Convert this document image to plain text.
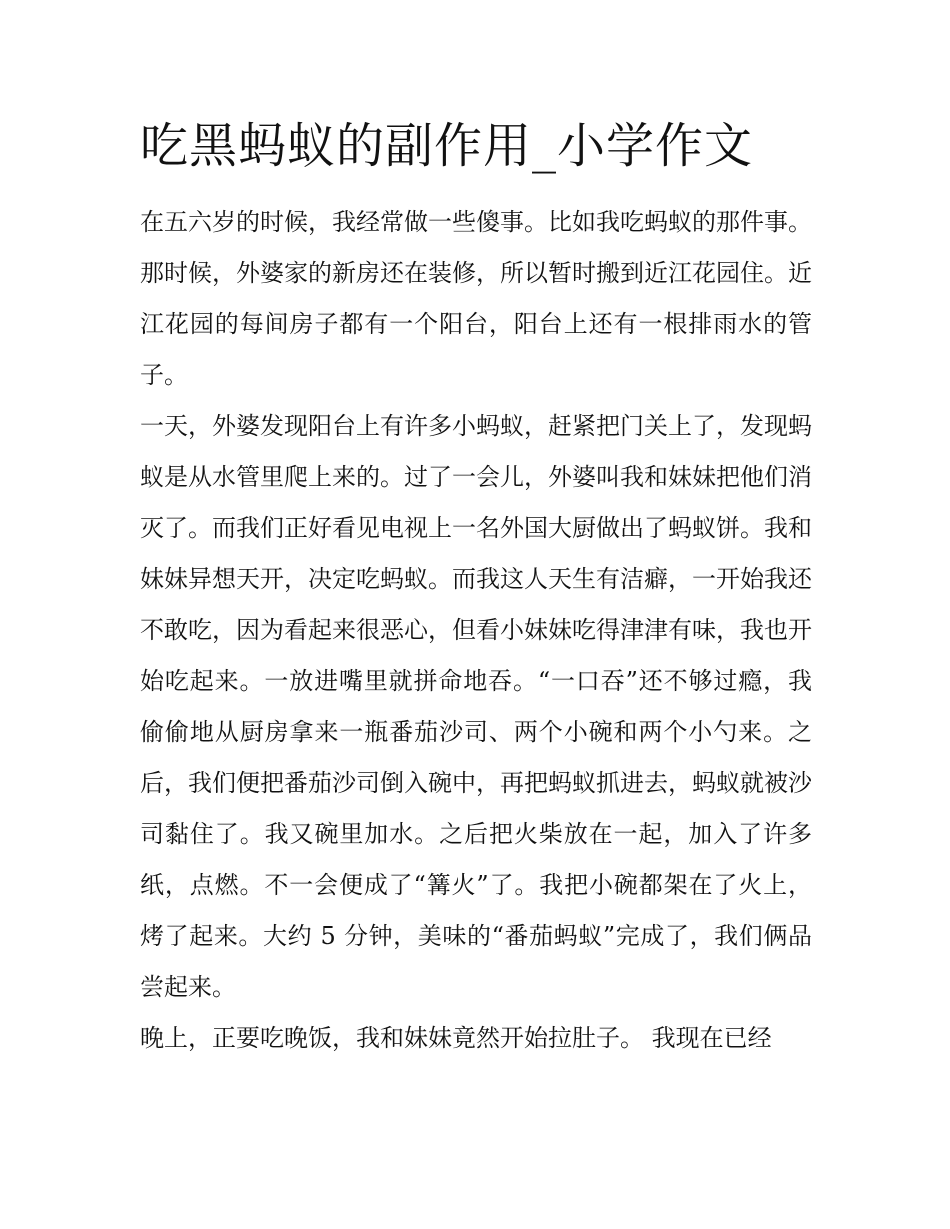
吃黑蚂蚁的副作用_小学作文

在五六岁的时候，我经常做一些傻事。比如我吃蚂蚁的那件事。

那时候，外婆家的新房还在装修，所以暂时搬到近江花园住。近江花园的每间房子都有一个阳台，阳台上还有一根排雨水的管子。

一天，外婆发现阳台上有许多小蚂蚁，赶紧把门关上了，发现蚂蚁是从水管里爬上来的。过了一会儿，外婆叫我和妹妹把他们消灭了。而我们正好看见电视上一名外国大厨做出了蚂蚁饼。我和妹妹异想天开，决定吃蚂蚁。而我这人天生有洁癖，一开始我还不敢吃，因为看起来很恶心，但看小妹妹吃得津津有味，我也开始吃起来。一放进嘴里就拼命地吞。“一口吞”还不够过瘾，我偷偷地从厨房拿来一瓶番茄沙司、两个小碗和两个小勺来。之后，我们便把番茄沙司倒入碗中，再把蚂蚁抓进去，蚂蚁就被沙司黏住了。我又碗里加水。之后把火柴放在一起，加入了许多纸，点燃。不一会便成了“篝火”了。我把小碗都架在了火上，烤了起来。大约 5 分钟，美味的“番茄蚂蚁”完成了，我们俩品尝起来。

晚上，正要吃晚饭，我和妹妹竟然开始拉肚子。 我现在已经
